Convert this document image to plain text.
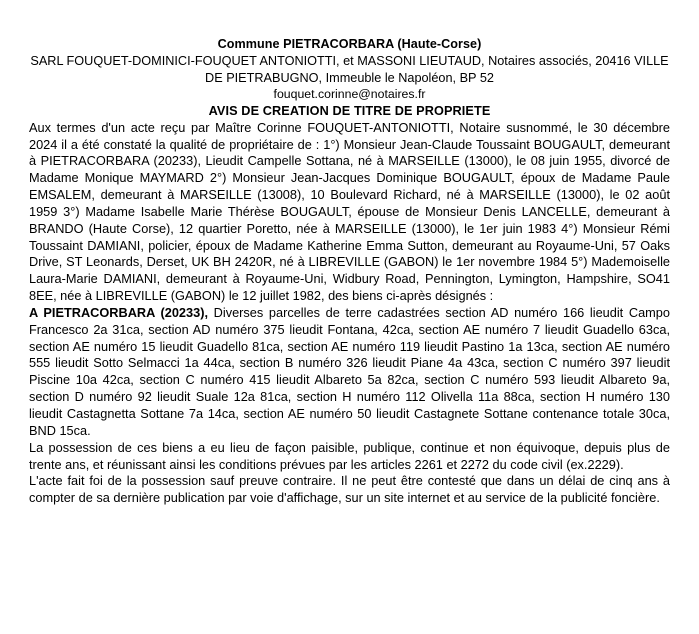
Commune PIETRACORBARA (Haute-Corse)
SARL FOUQUET-DOMINICI-FOUQUET ANTONIOTTI, et MASSONI LIEUTAUD, Notaires associés, 20416 VILLE DE PIETRABUGNO, Immeuble le Napoléon, BP 52
fouquet.corinne@notaires.fr
AVIS DE CREATION DE TITRE DE PROPRIETE

Aux termes d'un acte reçu par Maître Corinne FOUQUET-ANTONIOTTI, Notaire susnommé, le 30 décembre 2024 il a été constaté la qualité de propriétaire de : 1°) Monsieur Jean-Claude Toussaint BOUGAULT, demeurant à PIETRACORBARA (20233), Lieudit Campelle Sottana, né à MARSEILLE (13000), le 08 juin 1955, divorcé de Madame Monique MAYMARD 2°) Monsieur Jean-Jacques Dominique BOUGAULT, époux de Madame Paule EMSALEM, demeurant à MARSEILLE (13008), 10 Boulevard Richard, né à MARSEILLE (13000), le 02 août 1959 3°) Madame Isabelle Marie Thérèse BOUGAULT, épouse de Monsieur Denis LANCELLE, demeurant à BRANDO (Haute Corse), 12 quartier Poretto, née à MARSEILLE (13000), le 1er juin 1983 4°) Monsieur Rémi Toussaint DAMIANI, policier, époux de Madame Katherine Emma Sutton, demeurant au Royaume-Uni, 57 Oaks Drive, ST Leonards, Derset, UK BH 2420R, né à LIBREVILLE (GABON) le 1er novembre 1984 5°) Mademoiselle Laura-Marie DAMIANI, demeurant à Royaume-Uni, Widbury Road, Pennington, Lymington, Hampshire, SO41 8EE, née à LIBREVILLE (GABON) le 12 juillet 1982, des biens ci-après désignés :

A PIETRACORBARA (20233), Diverses parcelles de terre cadastrées section AD numéro 166 lieudit Campo Francesco 2a 31ca, section AD numéro 375 lieudit Fontana, 42ca, section AE numéro 7 lieudit Guadello 63ca, section AE numéro 15 lieudit Guadello 81ca, section AE numéro 119 lieudit Pastino 1a 13ca, section AE numéro 555 lieudit Sotto Selmacci 1a 44ca, section B numéro 326 lieudit Piane 4a 43ca, section C numéro 397 lieudit Piscine 10a 42ca, section C numéro 415 lieudit Albareto 5a 82ca, section C numéro 593 lieudit Albareto 9a, section D numéro 92 lieudit Suale 12a 81ca, section H numéro 112 Olivella 11a 88ca, section H numéro 130 lieudit Castagnetta Sottane 7a 14ca, section AE numéro 50 lieudit Castagnete Sottane contenance totale 30ca, BND 15ca.

La possession de ces biens a eu lieu de façon paisible, publique, continue et non équivoque, depuis plus de trente ans, et réunissant ainsi les conditions prévues par les articles 2261 et 2272 du code civil (ex.2229).

L'acte fait foi de la possession sauf preuve contraire. Il ne peut être contesté que dans un délai de cinq ans à compter de sa dernière publication par voie d'affichage, sur un site internet et au service de la publicité foncière.
